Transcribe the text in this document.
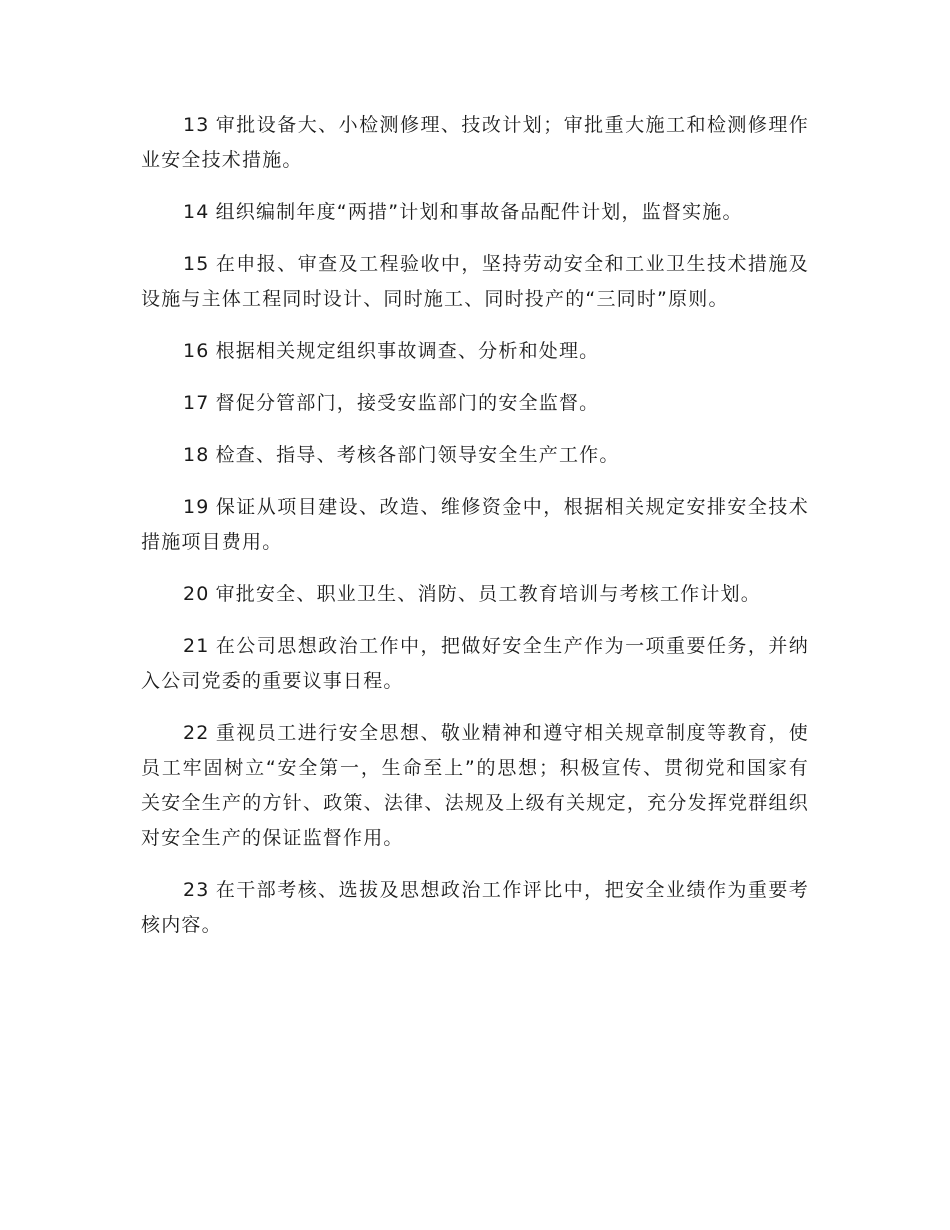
13 审批设备大、小检测修理、技改计划；审批重大施工和检测修理作业安全技术措施。

14 组织编制年度“两措”计划和事故备品配件计划，监督实施。

15 在申报、审查及工程验收中，坚持劳动安全和工业卫生技术措施及设施与主体工程同时设计、同时施工、同时投产的“三同时”原则。

16 根据相关规定组织事故调查、分析和处理。

17 督促分管部门，接受安监部门的安全监督。

18 检查、指导、考核各部门领导安全生产工作。

19 保证从项目建设、改造、维修资金中，根据相关规定安排安全技术措施项目费用。

20 审批安全、职业卫生、消防、员工教育培训与考核工作计划。

21 在公司思想政治工作中，把做好安全生产作为一项重要任务，并纳入公司党委的重要议事日程。

22 重视员工进行安全思想、敬业精神和遵守相关规章制度等教育，使员工牢固树立“安全第一，生命至上”的思想；积极宣传、贯彻党和国家有关安全生产的方针、政策、法律、法规及上级有关规定，充分发挥党群组织对安全生产的保证监督作用。

23 在干部考核、选拔及思想政治工作评比中，把安全业绩作为重要考核内容。
